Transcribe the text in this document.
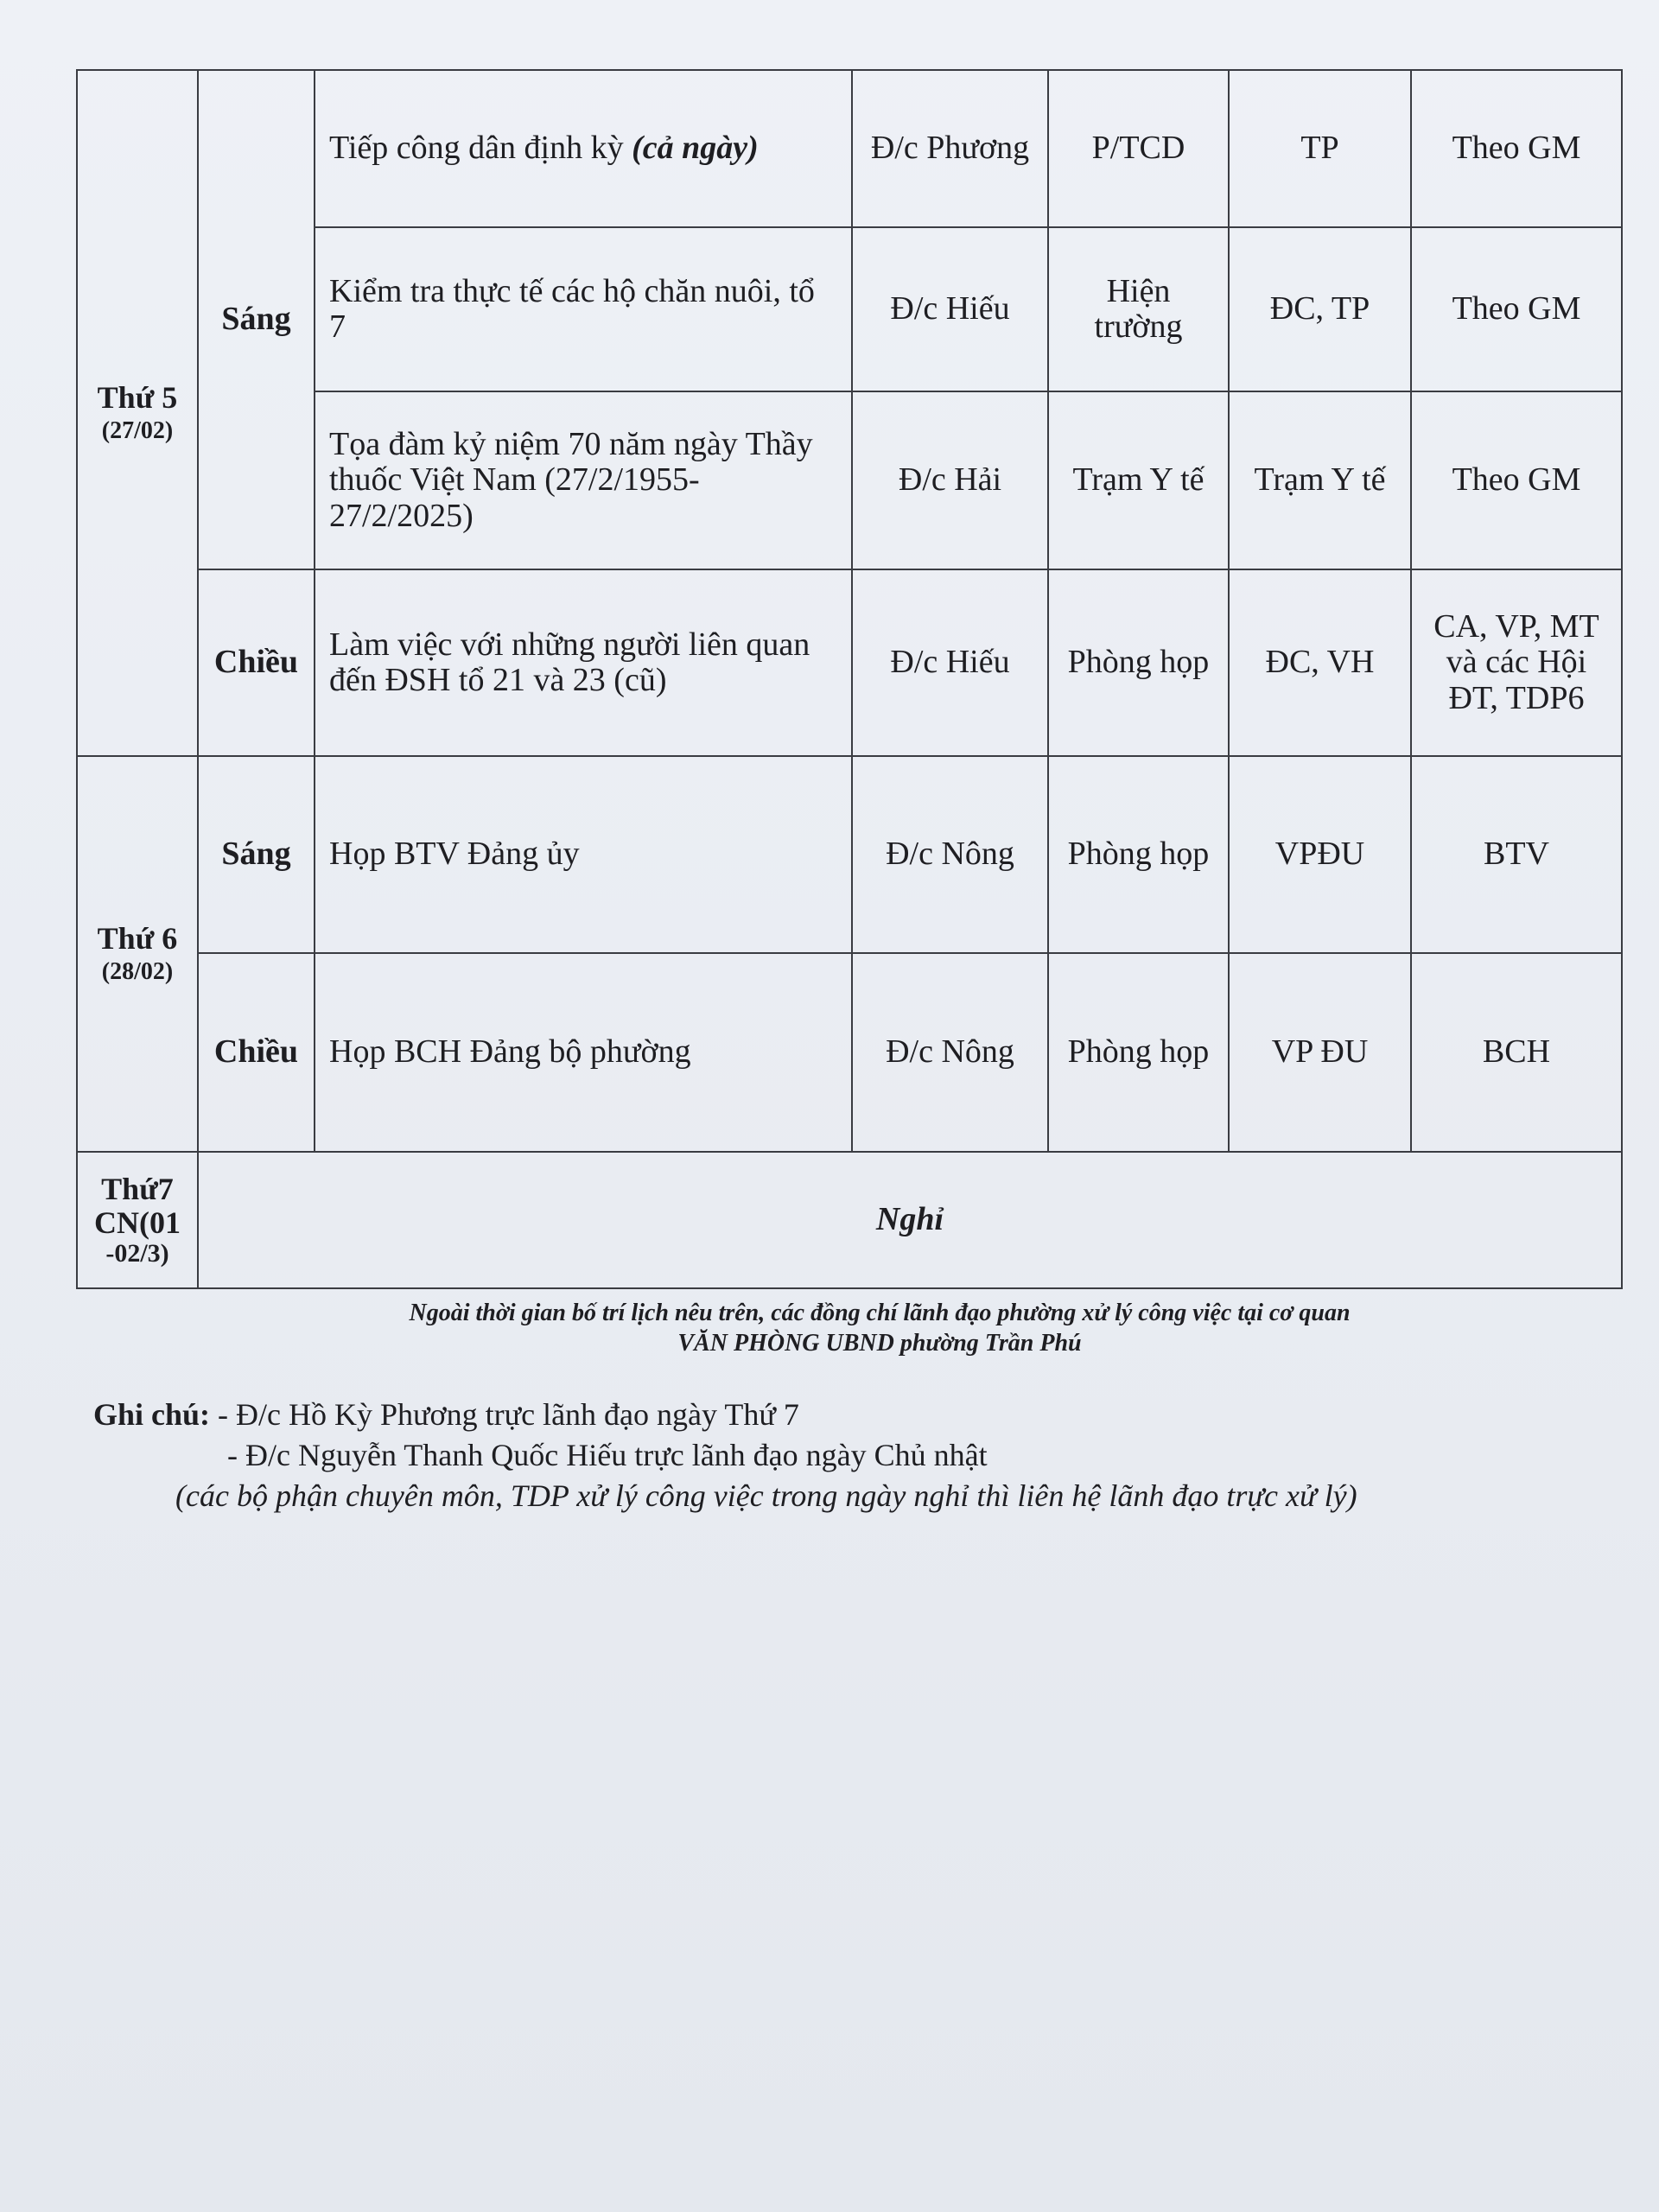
Thứ 5
(27/02)	Sáng	Tiếp công dân định kỳ (cả ngày)	Đ/c Phương	P/TCD	TP	Theo GM
		Kiểm tra thực tế các hộ chăn nuôi, tổ 7	Đ/c Hiếu	Hiện trường	ĐC, TP	Theo GM
		Tọa đàm kỷ niệm 70 năm ngày Thầy thuốc Việt Nam (27/2/1955-27/2/2025)	Đ/c Hải	Trạm Y tế	Trạm Y tế	Theo GM
	Chiều	Làm việc với những người liên quan đến ĐSH tổ 21 và 23 (cũ)	Đ/c Hiếu	Phòng họp	ĐC, VH	CA, VP, MT và các Hội ĐT, TDP6
Thứ 6
(28/02)	Sáng	Họp BTV Đảng ủy	Đ/c Nông	Phòng họp	VPĐU	BTV
	Chiều	Họp BCH Đảng bộ phường	Đ/c Nông	Phòng họp	VP ĐU	BCH

Thứ7
CN(01
-02/3)	Nghỉ					
Ngoài thời gian bố trí lịch nêu trên, các đồng chí lãnh đạo phường xử lý công việc tại cơ quan
VĂN PHÒNG UBND phường Trần Phú
Ghi chú: - Đ/c Hồ Kỳ Phương trực lãnh đạo ngày Thứ 7
- Đ/c Nguyễn Thanh Quốc Hiếu trực lãnh đạo ngày Chủ nhật
(các bộ phận chuyên môn, TDP xử lý công việc trong ngày nghỉ thì liên hệ lãnh đạo trực xử lý)
